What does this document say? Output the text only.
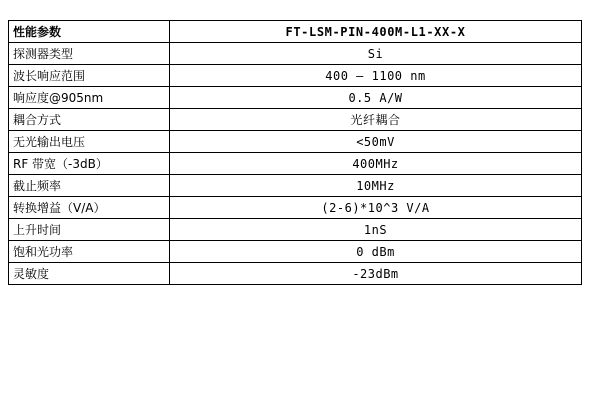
性能参数	FT-LSM-PIN-400M-L1-XX-X
探测器类型	Si
波长响应范围	400 — 1100 nm
响应度@905nm	0.5 A/W
耦合方式	光纤耦合
无光输出电压	<50mV
RF 带宽（-3dB）	400MHz
截止频率	10MHz
转换增益（V/A）	(2-6)*10^3 V/A
上升时间	1nS
饱和光功率	0 dBm
灵敏度	-23dBm
